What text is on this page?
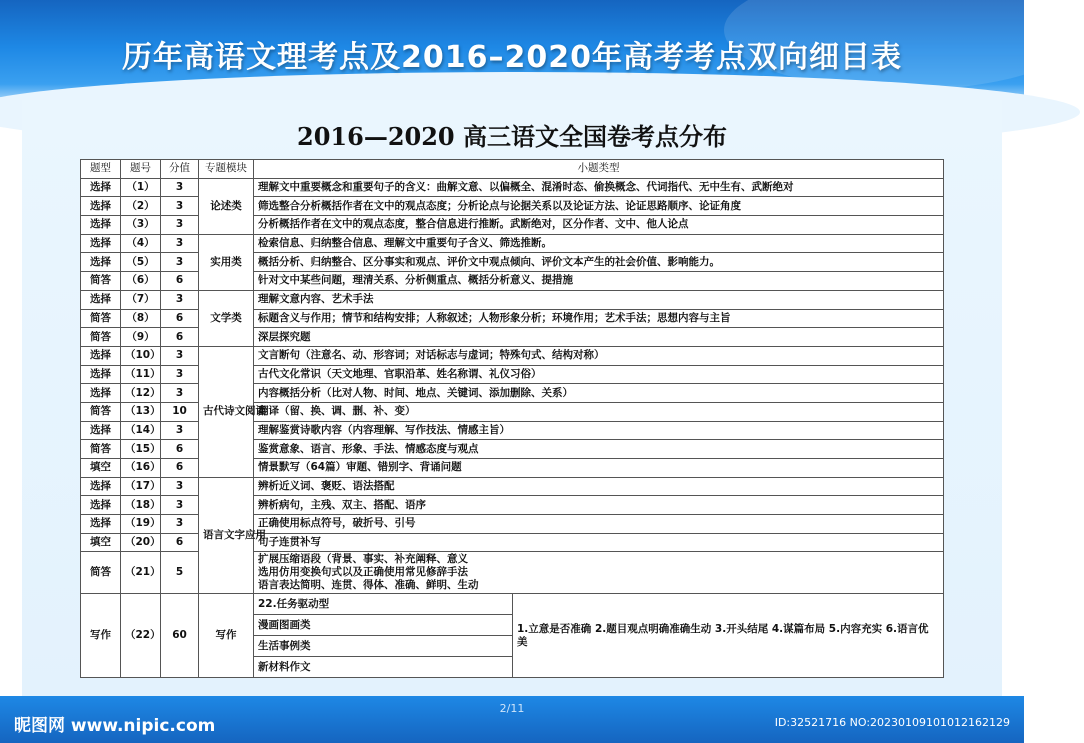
历年高语文理考点及2016–2020年高考考点双向细目表
2016—2020 高三语文全国卷考点分布
题型	题号	分值	专题模块	小题类型	
选择	（1）	3	论述类	理解文中重要概念和重要句子的含义：曲解文意、以偏概全、混淆时态、偷换概念、代词指代、无中生有、武断绝对	
选择	（2）	3		筛选整合分析概括作者在文中的观点态度；分析论点与论据关系以及论证方法、论证思路顺序、论证角度	
选择	（3）	3		分析概括作者在文中的观点态度，整合信息进行推断。武断绝对，区分作者、文中、他人论点	
选择	（4）	3	实用类	检索信息、归纳整合信息、理解文中重要句子含义、筛选推断。	
选择	（5）	3		概括分析、归纳整合、区分事实和观点、评价文中观点倾向、评价文本产生的社会价值、影响能力。	
简答	（6）	6		针对文中某些问题，理清关系、分析侧重点、概括分析意义、提措施	
选择	（7）	3	文学类	理解文意内容、艺术手法	
简答	（8）	6		标题含义与作用；情节和结构安排；人称叙述；人物形象分析；环境作用；艺术手法；思想内容与主旨	
简答	（9）	6		深层探究题	
选择	（10）	3	古代诗文阅读	文言断句（注意名、动、形容词；对话标志与虚词；特殊句式、结构对称）	
选择	（11）	3		古代文化常识（天文地理、官职沿革、姓名称谓、礼仪习俗）	
选择	（12）	3		内容概括分析（比对人物、时间、地点、关键词、添加删除、关系）	
简答	（13）	10		翻译（留、换、调、删、补、变）	
选择	（14）	3		理解鉴赏诗歌内容（内容理解、写作技法、情感主旨）	
简答	（15）	6		鉴赏意象、语言、形象、手法、情感态度与观点	
填空	（16）	6		情景默写（64篇）审题、错别字、背诵问题	
选择	（17）	3	语言文字应用	辨析近义词、褒贬、语法搭配	
选择	（18）	3		辨析病句，主残、双主、搭配、语序	
选择	（19）	3		正确使用标点符号，破折号、引号	
填空	（20）	6		句子连贯补写	
简答	（21）	5		扩展压缩语段（背景、事实、补充阐释、意义
选用仿用变换句式以及正确使用常见修辞手法
语言表达简明、连贯、得体、准确、鲜明、生动	

写作	（22）	60	写作	22.任务驱动型	1.立意是否准确 2.题目观点明确准确生动 3.开头结尾 4.谋篇布局 5.内容充实 6.语言优美
				漫画图画类	
				生活事例类	
				新材料作文	
2/11
昵图网 www.nipic.com	ID:32521716 NO:20230109101012162129
